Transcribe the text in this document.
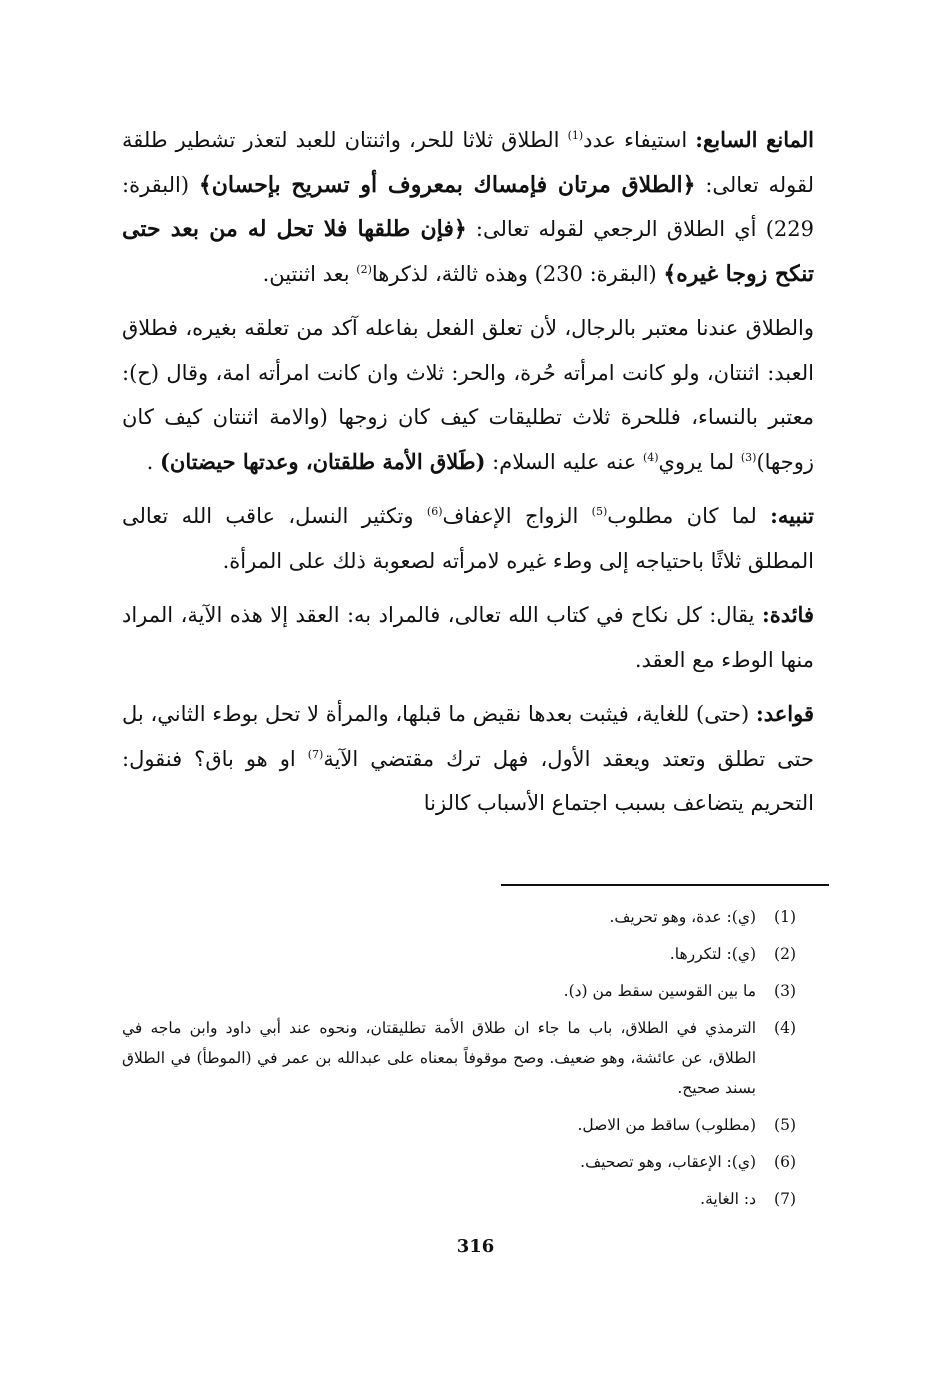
المانع السابع: استيفاء عدد$^{(1)}$ الطلاق ثلاثا للحر، واثنتان للعبد لتعذر تشطير طلقة لقوله تعالى: ﴿الطلاق مرتان فإمساك بمعروف أو تسريح بإحسان﴾ (البقرة: 229) أي الطلاق الرجعي لقوله تعالى: ﴿فإن طلقها فلا تحل له من بعد حتى تنكح زوجا غيره﴾ (البقرة: 230) وهذه ثالثة، لذكرها$^{(2)}$ بعد اثنتين.

والطلاق عندنا معتبر بالرجال، لأن تعلق الفعل بفاعله آكد من تعلقه بغيره، فطلاق العبد: اثنتان، ولو كانت امرأته حُرة، والحر: ثلاث وان كانت امرأته امة، وقال (ح): معتبر بالنساء، فللحرة ثلاث تطليقات كيف كان زوجها (والامة اثنتان كيف كان زوجها)$^{(3)}$ لما يروي$^{(4)}$ عنه عليه السلام: (طَلاق الأمة طلقتان، وعدتها حيضتان) .

تنبيه: لما كان مطلوب$^{(5)}$ الزواج الإعفاف$^{(6)}$ وتكثير النسل، عاقب الله تعالى المطلق ثلاثًا باحتياجه إلى وطء غيره لامرأته لصعوبة ذلك على المرأة.

فائدة: يقال: كل نكاح في كتاب الله تعالى، فالمراد به: العقد إلا هذه الآية، المراد منها الوطء مع العقد.

قواعد: (حتى) للغاية، فيثبت بعدها نقيض ما قبلها، والمرأة لا تحل بوطء الثاني، بل حتى تطلق وتعتد ويعقد الأول، فهل ترك مقتضي الآية$^{(7)}$ او هو باق؟ فنقول: التحريم يتضاعف بسبب اجتماع الأسباب كالزنا

(1)
(ي): عدة، وهو تحريف.
(2)
(ي): لتكررها.
(3)
ما بين القوسين سقط من (د).
(4)
الترمذي في الطلاق، باب ما جاء ان طلاق الأمة تطليقتان، ونحوه عند أبي داود وابن ماجه في الطلاق، عن عائشة، وهو ضعيف. وصح موقوفاً بمعناه على عبدالله بن عمر في (الموطأ) في الطلاق بسند صحيح.
(5)
(مطلوب) ساقط من الاصل.
(6)
(ي): الإعقاب، وهو تصحيف.
(7)
د: الغاية.
316
